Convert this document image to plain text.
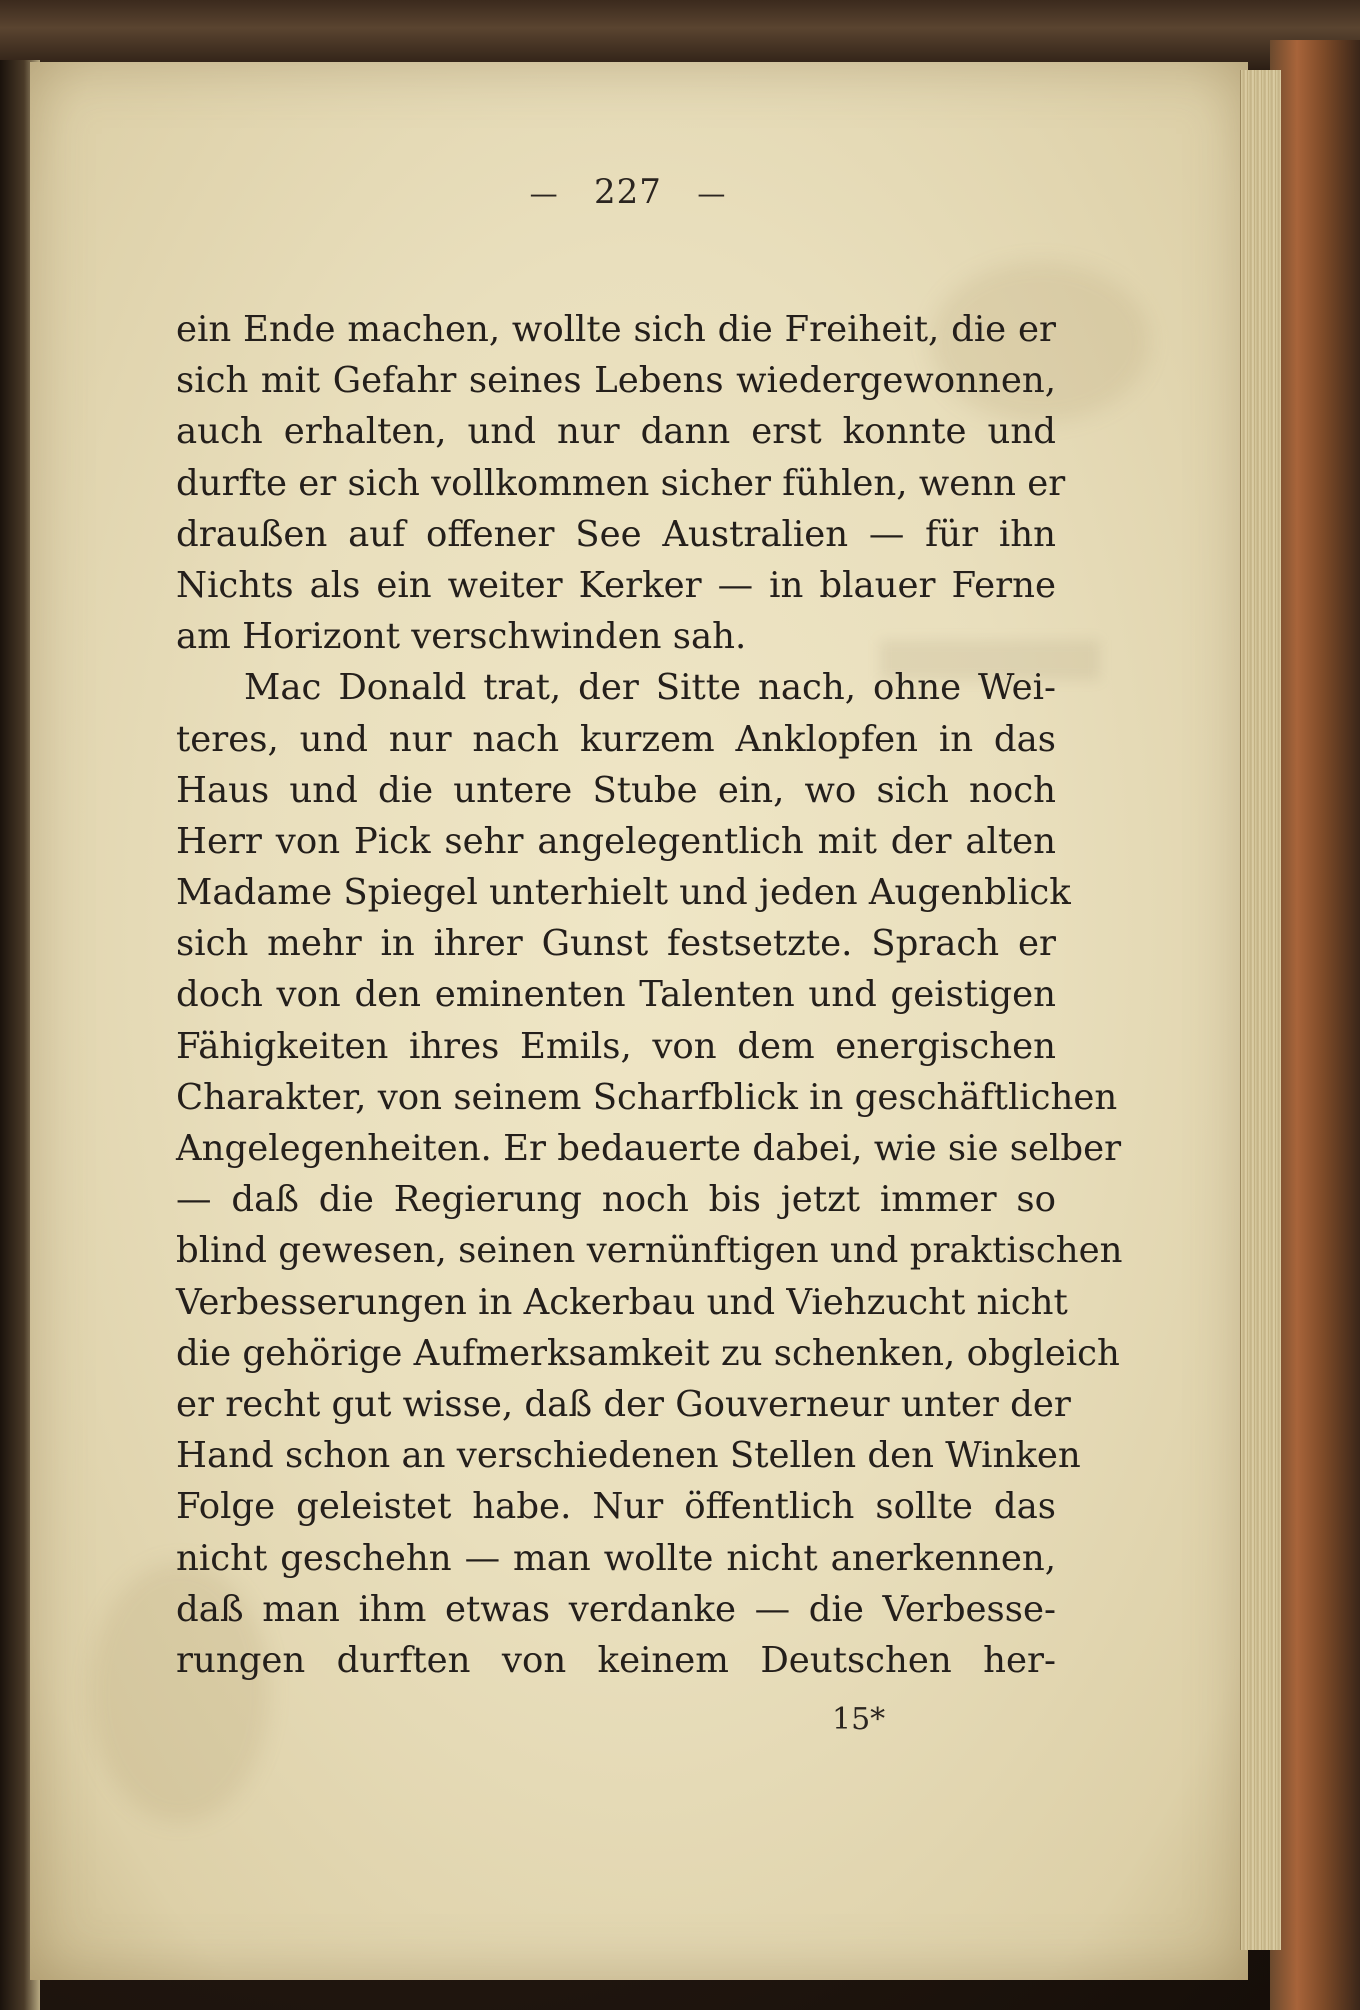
— 227 —
ein Ende machen, wollte sich die Freiheit, die er
sich mit Gefahr seines Lebens wiedergewonnen,
auch erhalten, und nur dann erst konnte und
durfte er sich vollkommen sicher fühlen, wenn er
draußen auf offener See Australien — für ihn
Nichts als ein weiter Kerker — in blauer Ferne
am Horizont verschwinden sah.
Mac Donald trat, der Sitte nach, ohne Wei-
teres, und nur nach kurzem Anklopfen in das
Haus und die untere Stube ein, wo sich noch
Herr von Pick sehr angelegentlich mit der alten
Madame Spiegel unterhielt und jeden Augenblick
sich mehr in ihrer Gunst festsetzte. Sprach er
doch von den eminenten Talenten und geistigen
Fähigkeiten ihres Emils, von dem energischen
Charakter, von seinem Scharfblick in geschäftlichen
Angelegenheiten. Er bedauerte dabei, wie sie selber
— daß die Regierung noch bis jetzt immer so
blind gewesen, seinen vernünftigen und praktischen
Verbesserungen in Ackerbau und Viehzucht nicht
die gehörige Aufmerksamkeit zu schenken, obgleich
er recht gut wisse, daß der Gouverneur unter der
Hand schon an verschiedenen Stellen den Winken
Folge geleistet habe. Nur öffentlich sollte das
nicht geschehn — man wollte nicht anerkennen,
daß man ihm etwas verdanke — die Verbesse-
rungen durften von keinem Deutschen her-
15*
